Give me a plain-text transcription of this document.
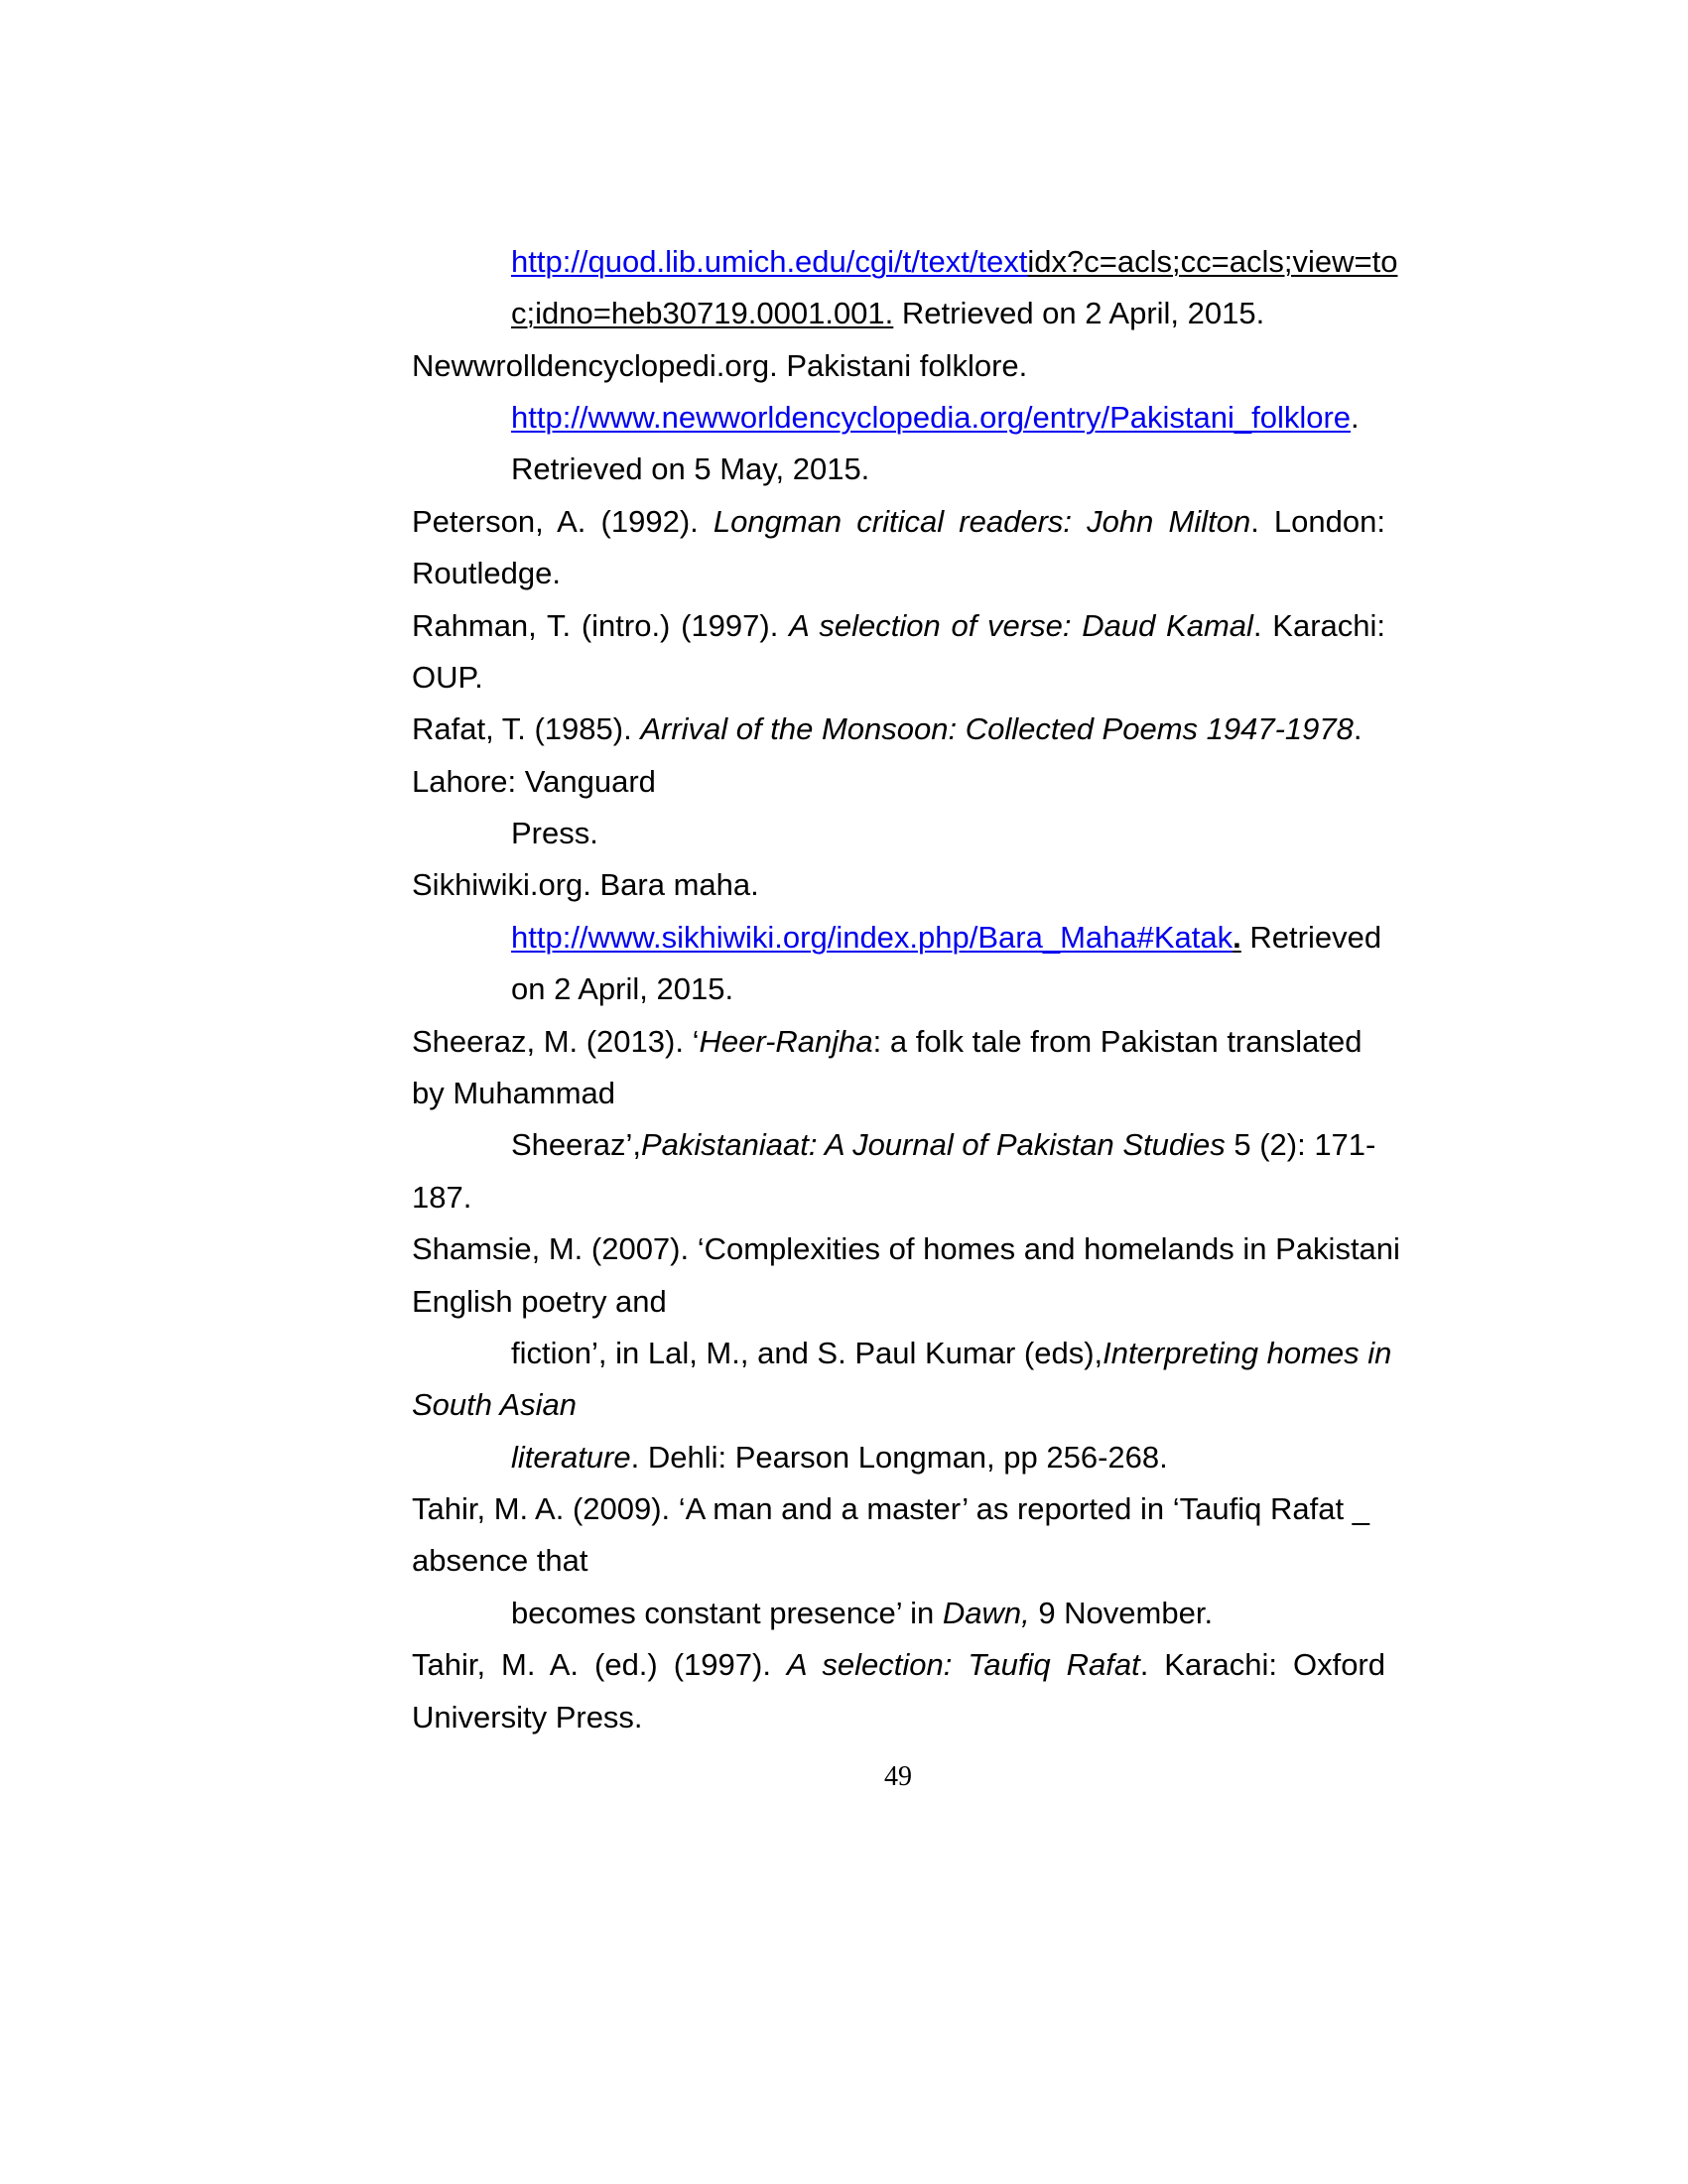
http://quod.lib.umich.edu/cgi/t/text/textidx?c=acls;cc=acls;view=to
c;idno=heb30719.0001.001. Retrieved on 2 April, 2015.
Newwrolldencyclopedi.org. Pakistani folklore.
http://www.newworldencyclopedia.org/entry/Pakistani_folklore.
Retrieved on 5 May, 2015.
Peterson, A. (1992). Longman critical readers: John Milton. London:
Routledge.
Rahman, T. (intro.) (1997). A selection of verse: Daud Kamal. Karachi:
OUP.
Rafat, T. (1985). Arrival of the Monsoon: Collected Poems 1947-1978.
Lahore: Vanguard
Press.
Sikhiwiki.org. Bara maha.
http://www.sikhiwiki.org/index.php/Bara_Maha#Katak. Retrieved
on 2 April, 2015.
Sheeraz, M. (2013). ‘Heer-Ranjha: a folk tale from Pakistan translated
by Muhammad
Sheeraz’,Pakistaniaat: A Journal of Pakistan Studies 5 (2): 171-
187.
Shamsie, M. (2007). ‘Complexities of homes and homelands in Pakistani
English poetry and
fiction’, in Lal, M., and S. Paul Kumar (eds),Interpreting homes in
South Asian
literature. Dehli: Pearson Longman, pp 256-268.
Tahir, M. A. (2009). ‘A man and a master’ as reported in ‘Taufiq Rafat _
absence that
becomes constant presence’ in Dawn, 9 November.
Tahir, M. A. (ed.) (1997). A selection: Taufiq Rafat. Karachi: Oxford
University Press.
49
